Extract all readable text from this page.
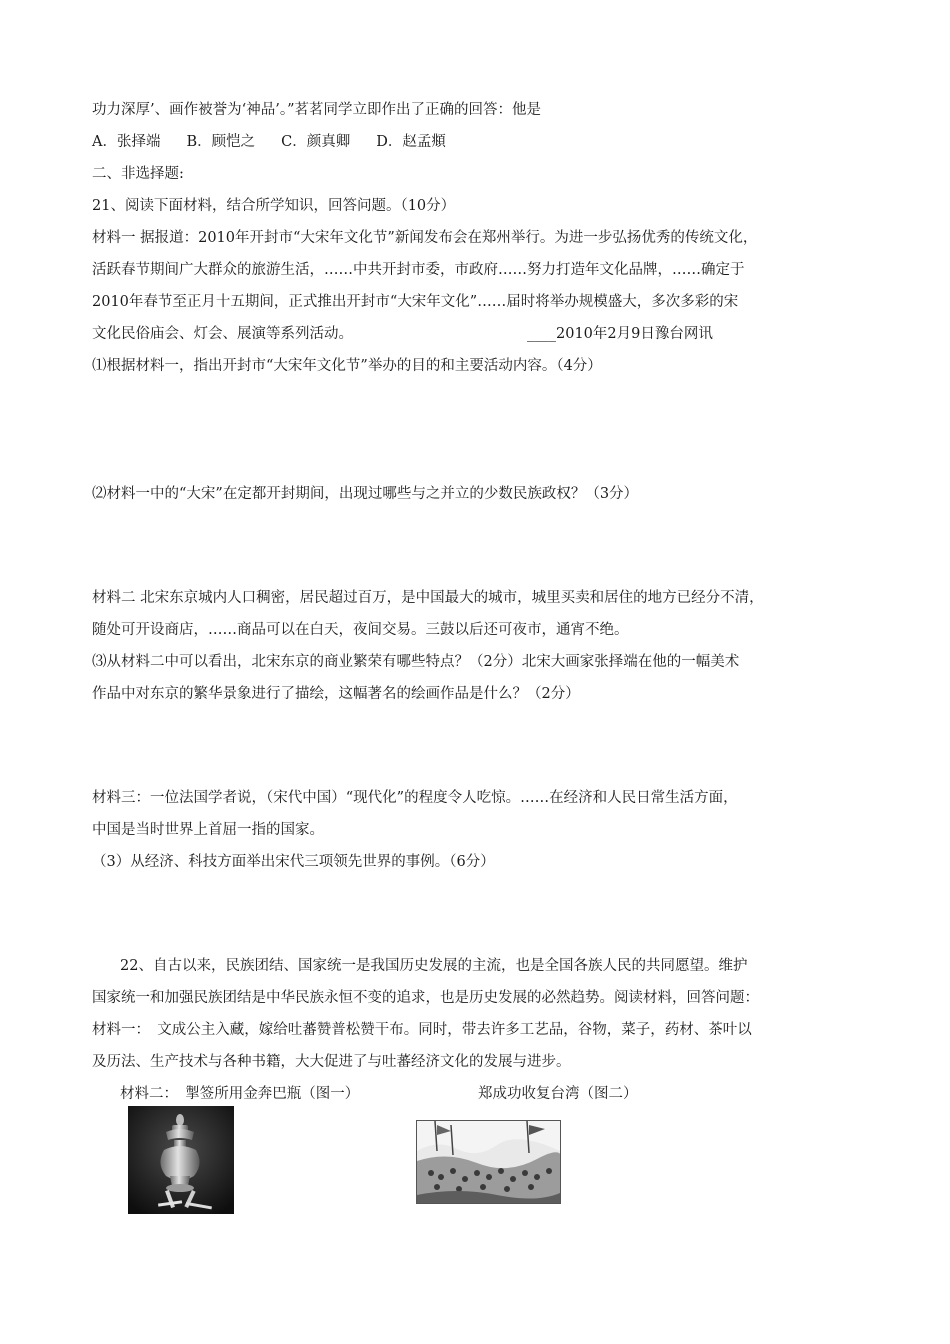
功力深厚’、画作被誉为‘神品’。”茗茗同学立即作出了正确的回答：他是
A．张择端 B．顾恺之 C．颜真卿 D．赵孟頫
二、非选择题:
21、阅读下面材料，结合所学知识，回答问题。（10分）
材料一 据报道：2010年开封市“大宋年文化节”新闻发布会在郑州举行。为进一步弘扬优秀的传统文化，
活跃春节期间广大群众的旅游生活，……中共开封市委，市政府……努力打造年文化品牌，……确定于
2010年春节至正月十五期间，正式推出开封市“大宋年文化”……届时将举办规模盛大，多次多彩的宋
文化民俗庙会、灯会、展演等系列活动。	____2010年2月9日豫台网讯
⑴根据材料一，指出开封市“大宋年文化节”举办的目的和主要活动内容。（4分）
⑵材料一中的“大宋”在定都开封期间，出现过哪些与之并立的少数民族政权？（3分）
材料二 北宋东京城内人口稠密，居民超过百万，是中国最大的城市，城里买卖和居住的地方已经分不清，
随处可开设商店，……商品可以在白天，夜间交易。三鼓以后还可夜市，通宵不绝。
⑶从材料二中可以看出，北宋东京的商业繁荣有哪些特点？（2分）北宋大画家张择端在他的一幅美术
作品中对东京的繁华景象进行了描绘，这幅著名的绘画作品是什么？（2分）
材料三：一位法国学者说，（宋代中国）“现代化”的程度令人吃惊。……在经济和人民日常生活方面，
中国是当时世界上首屈一指的国家。
（3）从经济、科技方面举出宋代三项领先世界的事例。（6分）
22、自古以来，民族团结、国家统一是我国历史发展的主流，也是全国各族人民的共同愿望。维护
国家统一和加强民族团结是中华民族永恒不变的追求，也是历史发展的必然趋势。阅读材料，回答问题：
材料一：　文成公主入藏，嫁给吐蕃赞普松赞干布。同时，带去许多工艺品，谷物，菜子，药材、茶叶以
及历法、生产技术与各种书籍，大大促进了与吐蕃经济文化的发展与进步。
材料二：　掣签所用金奔巴瓶（图一）	郑成功收复台湾（图二）
